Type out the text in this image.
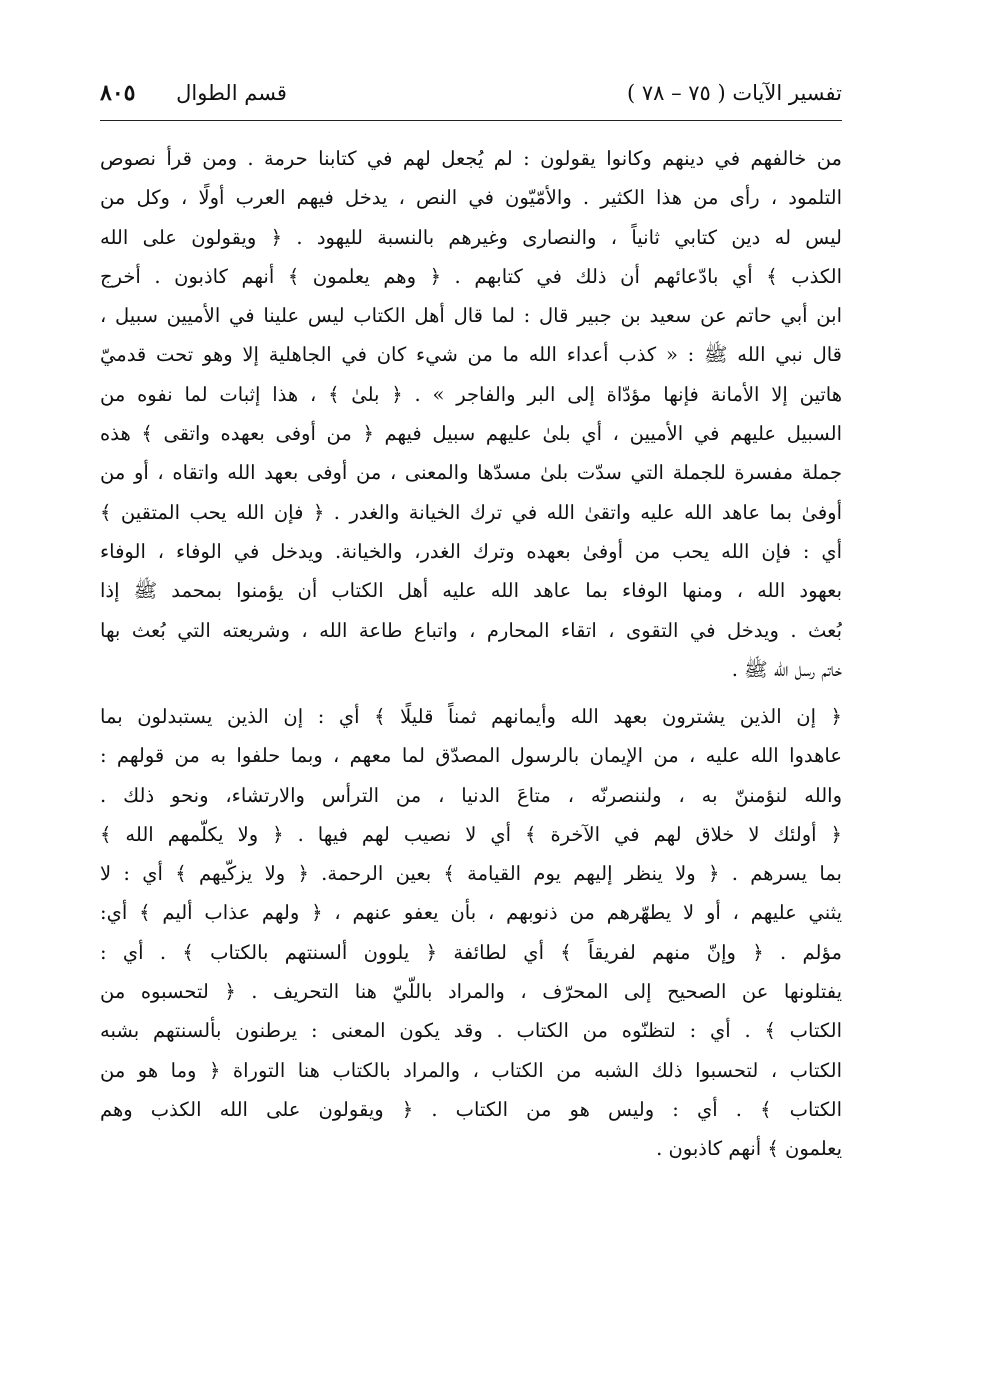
تفسير الآيات ( ٧٥ – ٧٨ )
قسم الطوال ٨٠٥
من خالفهم في دينهم وكانوا يقولون : لم يُجعل لهم في كتابنا حرمة . ومن قرأ نصوص
التلمود ، رأى من هذا الكثير . والأمّيّون في النص ، يدخل فيهم العرب أولًا ، وكل من
ليس له دين كتابي ثانياً ، والنصارى وغيرهم بالنسبة لليهود . ﴿ ويقولون على الله
الكذب ﴾ أي بادّعائهم أن ذلك في كتابهم . ﴿ وهم يعلمون ﴾ أنهم كاذبون . أخرج
ابن أبي حاتم عن سعيد بن جبير قال : لما قال أهل الكتاب ليس علينا في الأميين سبيل ،
قال نبي الله ﷺ : « كذب أعداء الله ما من شيء كان في الجاهلية إلا وهو تحت قدميّ
هاتين إلا الأمانة فإنها مؤدّاة إلى البر والفاجر » . ﴿ بلىٰ ﴾ ، هذا إثبات لما نفوه من
السبيل عليهم في الأميين ، أي بلىٰ عليهم سبيل فيهم ﴿ من أوفى بعهده واتقى ﴾ هذه
جملة مفسرة للجملة التي سدّت بلىٰ مسدّها والمعنى ، من أوفى بعهد الله واتقاه ، أو من
أوفىٰ بما عاهد الله عليه واتقىٰ الله في ترك الخيانة والغدر . ﴿ فإن الله يحب المتقين ﴾
أي : فإن الله يحب من أوفىٰ بعهده وترك الغدر، والخيانة. ويدخل في الوفاء ، الوفاء
بعهود الله ، ومنها الوفاء بما عاهد الله عليه أهل الكتاب أن يؤمنوا بمحمد ﷺ إذا
بُعث . ويدخل في التقوى ، اتقاء المحارم ، واتباع طاعة الله ، وشريعته التي بُعث بها
خاتم رسل الله ﷺ .
﴿ إن الذين يشترون بعهد الله وأيمانهم ثمناً قليلًا ﴾ أي : إن الذين يستبدلون بما
عاهدوا الله عليه ، من الإيمان بالرسول المصدّق لما معهم ، وبما حلفوا به من قولهم :
والله لنؤمننّ به ، ولننصرنّه ، متاعَ الدنيا ، من الترأس والارتشاء، ونحو ذلك .
﴿ أولئك لا خلاق لهم في الآخرة ﴾ أي لا نصيب لهم فيها . ﴿ ولا يكلّمهم الله ﴾
بما يسرهم . ﴿ ولا ينظر إليهم يوم القيامة ﴾ بعين الرحمة. ﴿ ولا يزكّيهم ﴾ أي : لا
يثني عليهم ، أو لا يطهّرهم من ذنوبهم ، بأن يعفو عنهم ، ﴿ ولهم عذاب أليم ﴾ أي:
مؤلم . ﴿ وإنّ منهم لفريقاً ﴾ أي لطائفة ﴿ يلوون ألسنتهم بالكتاب ﴾ . أي :
يفتلونها عن الصحيح إلى المحرّف ، والمراد باللّيّ هنا التحريف . ﴿ لتحسبوه من
الكتاب ﴾ . أي : لتظنّوه من الكتاب . وقد يكون المعنى : يرطنون بألسنتهم بشبه
الكتاب ، لتحسبوا ذلك الشبه من الكتاب ، والمراد بالكتاب هنا التوراة ﴿ وما هو من
الكتاب ﴾ . أي : وليس هو من الكتاب . ﴿ ويقولون على الله الكذب وهم
يعلمون ﴾ أنهم كاذبون .
